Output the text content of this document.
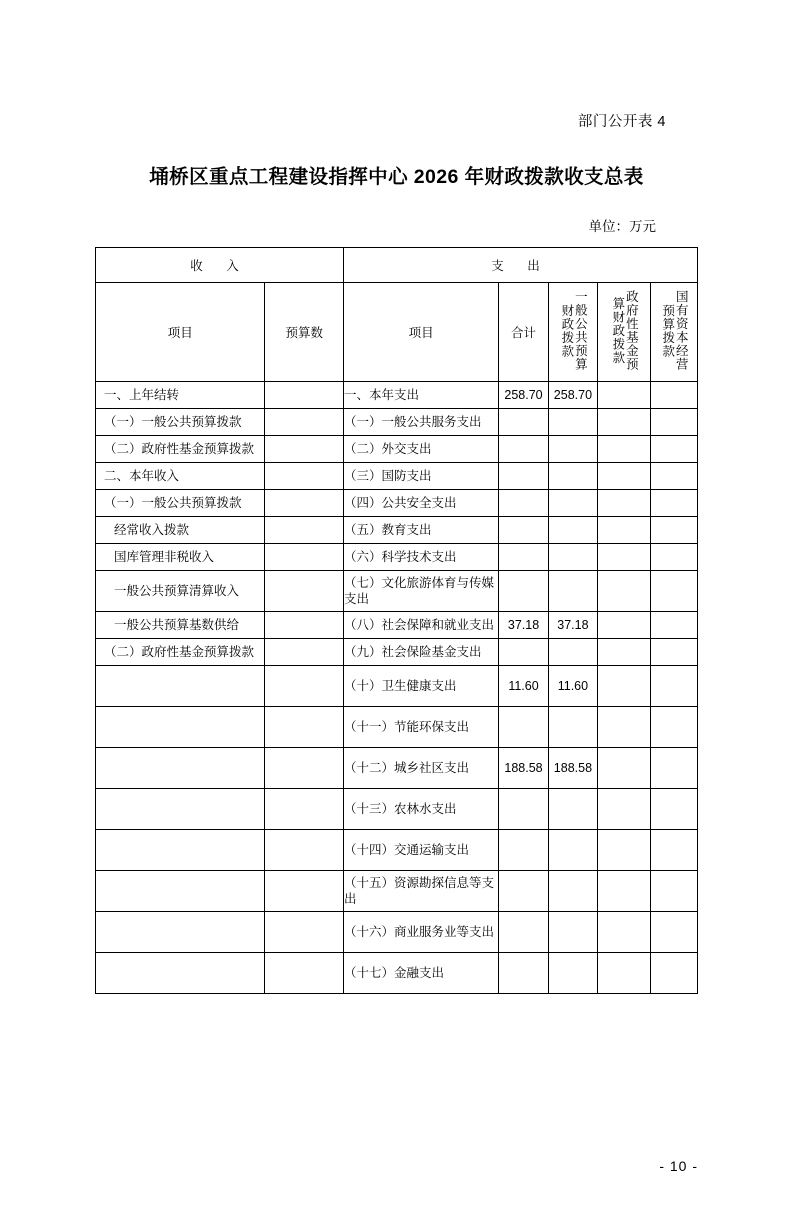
部门公开表 4
埇桥区重点工程建设指挥中心 2026 年财政拨款收支总表
单位：万元
收 入		支 出				
项目	预算数	项目	合计	一般公共预算财政拨款	政府性基金预算财政拨款	国有资本经营预算拨款
一、上年结转		一、本年支出	258.70	258.70		
（一）一般公共预算拨款		（一）一般公共服务支出				
（二）政府性基金预算拨款		（二）外交支出				
二、本年收入		（三）国防支出				
（一）一般公共预算拨款		（四）公共安全支出				
经常收入拨款		（五）教育支出				
国库管理非税收入		（六）科学技术支出				
一般公共预算清算收入		（七）文化旅游体育与传媒支出				
一般公共预算基数供给		（八）社会保障和就业支出	37.18	37.18		
（二）政府性基金预算拨款		（九）社会保险基金支出				
		（十）卫生健康支出	11.60	11.60		
		（十一）节能环保支出				
		（十二）城乡社区支出	188.58	188.58		
		（十三）农林水支出				
		（十四）交通运输支出				
		（十五）资源勘探信息等支出				
		（十六）商业服务业等支出				
		（十七）金融支出				
- 10 -
